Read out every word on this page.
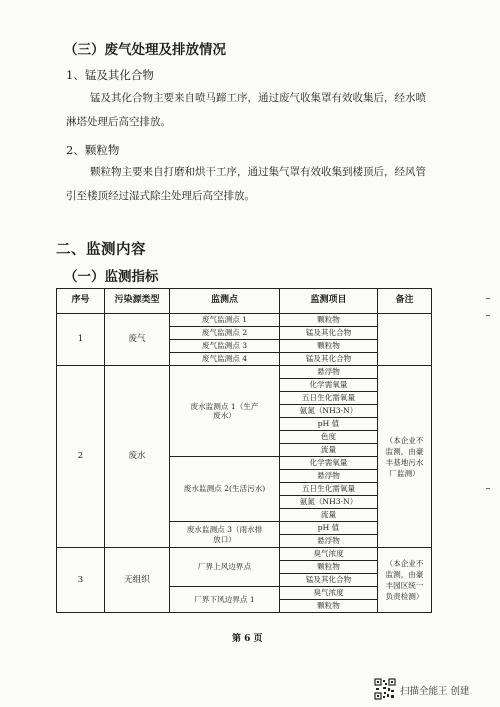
（三）废气处理及排放情况
1、锰及其化合物
锰及其化合物主要来自喷马蹄工序，通过废气收集罩有效收集后，经水喷
淋塔处理后高空排放。
2、颗粒物
颗粒物主要来自打磨和烘干工序，通过集气罩有效收集到楼顶后，经风管
引至楼顶经过湿式除尘处理后高空排放。
二、监测内容
（一）监测指标
序号	污染源类型	监测点	监测项目	备注
1	废气	废气监测点 1	颗粒物	
		废气监测点 2	锰及其化合物	
		废气监测点 3	颗粒物	
		废气监测点 4	锰及其化合物	
2	废水	废水监测点 1（生产废水）	悬浮物	（本企业不监测，由豪丰基地污水厂监测）
			化学需氧量	
			五日生化需氧量	
			氨氮（NH3-N）	
			pH 值	
			色度	
			流量	
		废水监测点 2(生活污水)	化学需氧量	
			悬浮物	
			五日生化需氧量	
			氨氮（NH3-N）	
			流量	
		废水监测点 3（雨水排放口）	pH 值	
			悬浮物	
3	无组织	厂界上风边界点	臭气浓度	（本企业不监测，由豪丰园区统一负责检测）
			颗粒物	
			锰及其化合物	
		厂界下风边界点 1	臭气浓度	
			颗粒物	
第 6 页
扫描全能王 创建
